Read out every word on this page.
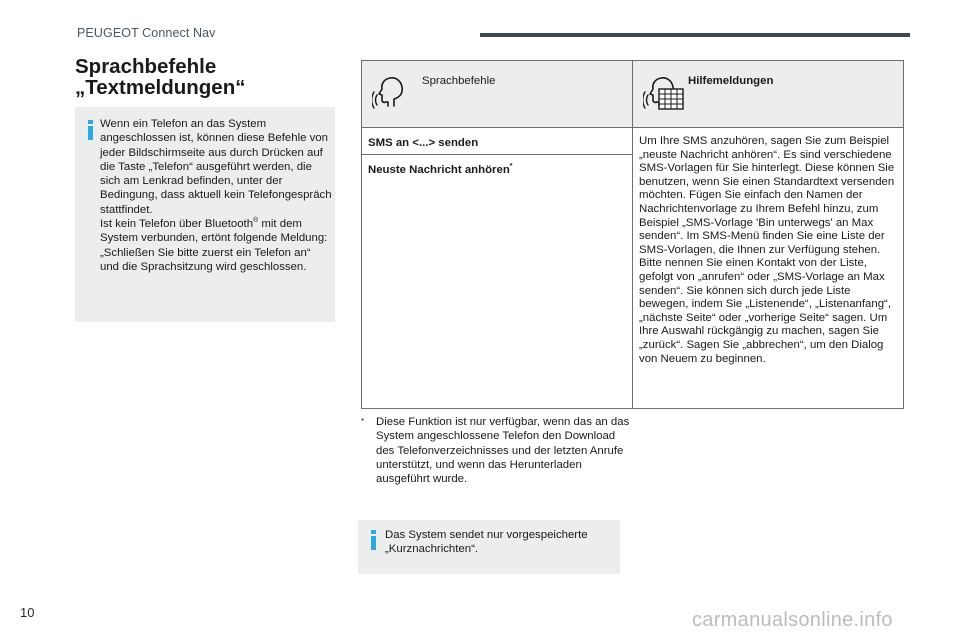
PEUGEOT Connect Nav
Sprachbefehle
„Textmeldungen“

Wenn ein Telefon an das System angeschlossen ist, können diese Befehle von jeder Bildschirmseite aus durch Drücken auf die Taste „Telefon“ ausgeführt werden, die sich am Lenkrad befinden, unter der Bedingung, dass aktuell kein Telefongespräch stattfindet.

Ist kein Telefon über Bluetooth® mit dem System verbunden, ertönt folgende Meldung: „Schließen Sie bitte zuerst ein Telefon an“ und die Sprachsitzung wird geschlossen.

Sprachbefehle	Hilfemeldungen

SMS an <...> senden	Um Ihre SMS anzuhören, sagen Sie zum Beispiel „neuste Nachricht anhören“. Es sind verschiedene SMS-Vorlagen für Sie hinterlegt. Diese können Sie benutzen, wenn Sie einen Standardtext versenden möchten. Fügen Sie einfach den Namen der Nachrichtenvorlage zu Ihrem Befehl hinzu, zum Beispiel „SMS-Vorlage 'Bin unterwegs' an Max senden“. Im SMS-Menü finden Sie eine Liste der SMS-Vorlagen, die Ihnen zur Verfügung stehen. Bitte nennen Sie einen Kontakt von der Liste, gefolgt von „anrufen“ oder „SMS-Vorlage an Max senden“. Sie können sich durch jede Liste bewegen, indem Sie „Listenende“, „Listenanfang“, „nächste Seite“ oder „vorherige Seite“ sagen. Um Ihre Auswahl rückgängig zu machen, sagen Sie „zurück“. Sagen Sie „abbrechen“, um den Dialog von Neuem zu beginnen.
Neuste Nachricht anhören*
*	Diese Funktion ist nur verfügbar, wenn das an das System angeschlossene Telefon den Download des Telefonverzeichnisses und der letzten Anrufe unterstützt, und wenn das Herunterladen ausgeführt wurde.
Das System sendet nur vorgespeicherte „Kurznachrichten“.
10	carmanualsonline.info
